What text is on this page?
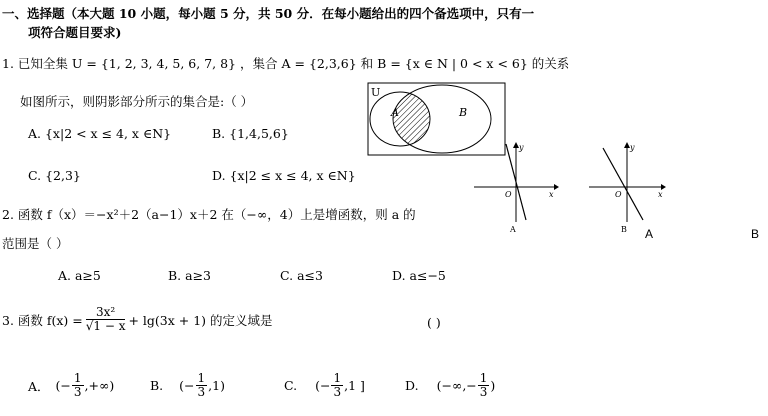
一、选择题（本大题 10 小题，每小题 5 分，共 50 分．在每小题给出的四个备选项中，只有一
项符合题目要求)
1. 已知全集 U = {1, 2, 3, 4, 5, 6, 7, 8} ，集合 A = {2,3,6} 和 B = {x ∈ N | 0 < x < 6} 的关系
如图所示，则阴影部分所示的集合是:（ ）
A. {x|2 < x ≤ 4, x ∈N}	B. {1,4,5,6}
C. {2,3}	D. {x|2 ≤ x ≤ 4, x ∈N}
U
A	B
y
x
O
A
y
x
O
B A	B
2. 函数 f（x）＝−x²＋2（a−1）x＋2 在（−∞，4）上是增函数，则 a 的
范围是（ ）
A. a≥5	B. a≥3	C. a≤3	D. a≤−5
3. 函数 $f(x) = \frac{\text{3x²}}{√1 - x} + \lg(3x + 1)$ 的定义域是	( )
A． (− $\frac{1}{3}$ ,+∞)	B. (− $\frac{1}{3} ,1$)	C. (− $\frac{1}{3} ,1$ ]	D. (−∞,− $\frac{1}{3}$ )
